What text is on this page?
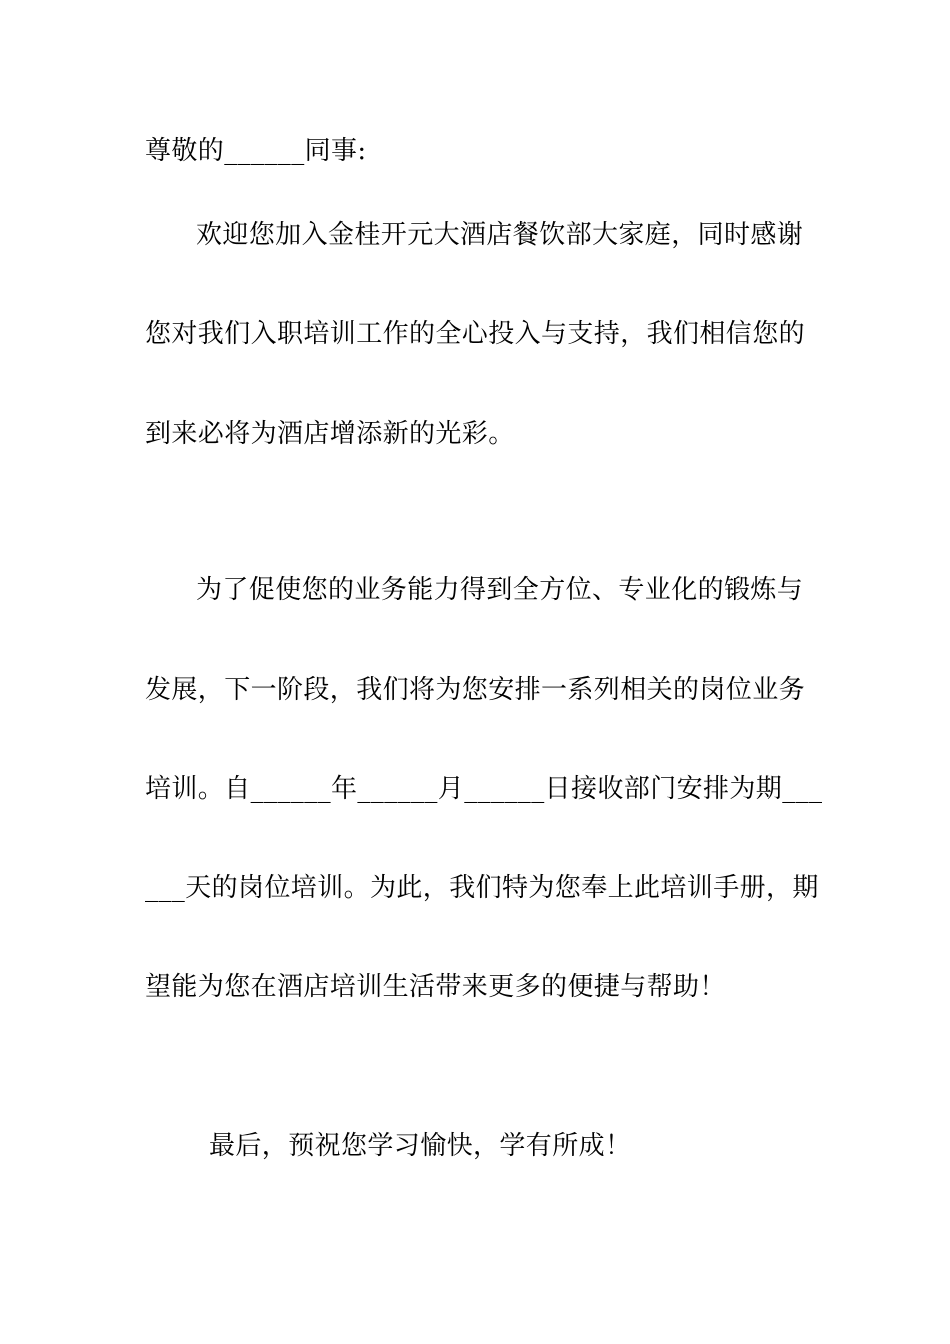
尊敬的______同事:
欢迎您加入金桂开元大酒店餐饮部大家庭，同时感谢
您对我们入职培训工作的全心投入与支持，我们相信您的
到来必将为酒店增添新的光彩。
为了促使您的业务能力得到全方位、专业化的锻炼与
发展，下一阶段，我们将为您安排一系列相关的岗位业务
培训。自______年______月______日接收部门安排为期___
___天的岗位培训。为此，我们特为您奉上此培训手册，期
望能为您在酒店培训生活带来更多的便捷与帮助！
最后，预祝您学习愉快，学有所成！
